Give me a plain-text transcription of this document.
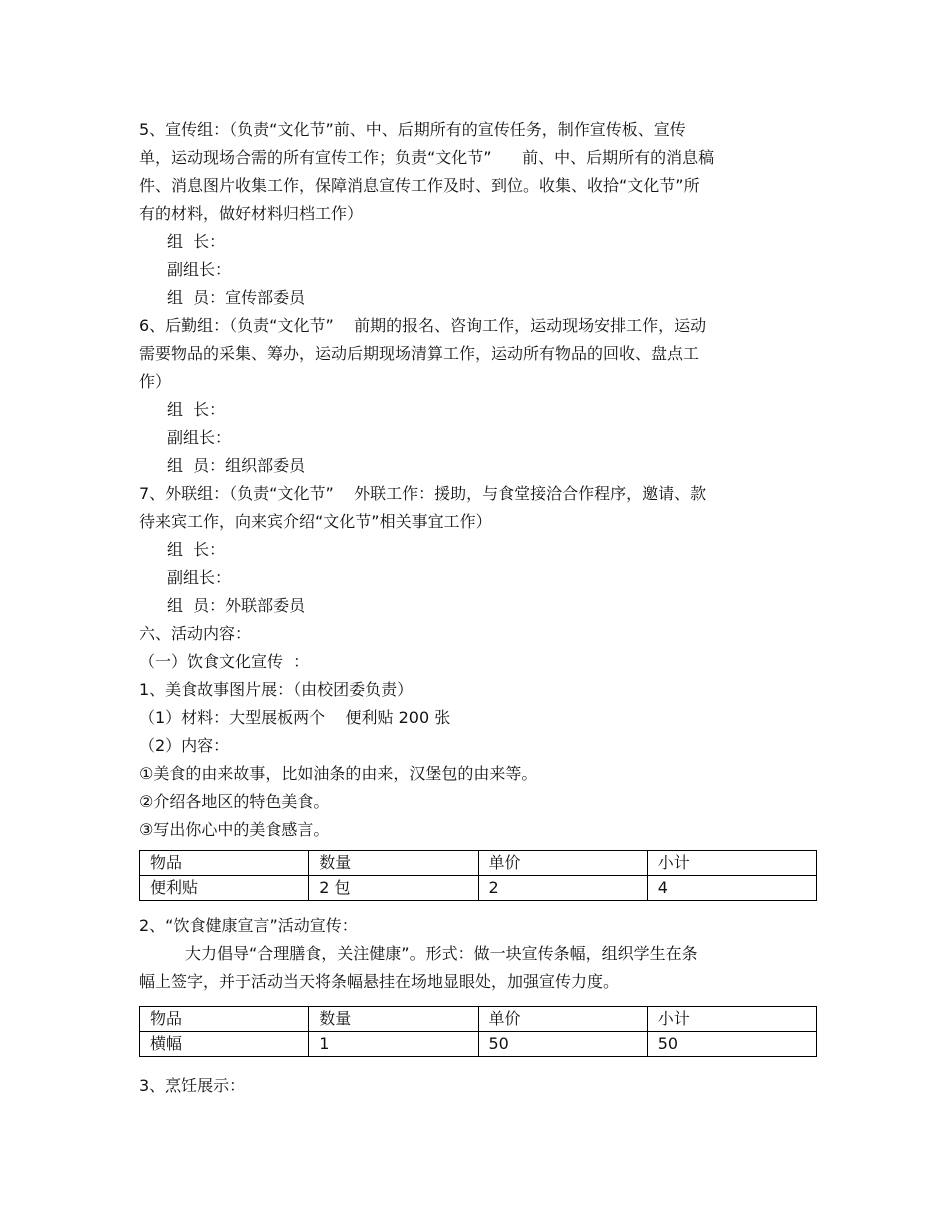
5、宣传组：（负责“文化节”前、中、后期所有的宣传任务，制作宣传板、宣传
单，运动现场合需的所有宣传工作；负责“文化节”      前、中、后期所有的消息稿
件、消息图片收集工作，保障消息宣传工作及时、到位。收集、收拾“文化节”所
有的材料，做好材料归档工作）
组  长：
副组长：
组  员：宣传部委员
6、后勤组：（负责“文化节”    前期的报名、咨询工作，运动现场安排工作，运动
需要物品的采集、筹办，运动后期现场清算工作，运动所有物品的回收、盘点工
作）
组  长：
副组长：
组  员：组织部委员
7、外联组：（负责“文化节”    外联工作：援助，与食堂接洽合作程序，邀请、款
待来宾工作，向来宾介绍“文化节”相关事宜工作）
组  长：
副组长：
组  员：外联部委员
六、活动内容：
（一）饮食文化宣传  ：
1、美食故事图片展：（由校团委负责）
（1）材料：大型展板两个    便利贴 200 张
（2）内容：
①美食的由来故事，比如油条的由来，汉堡包的由来等。
②介绍各地区的特色美食。
③写出你心中的美食感言。
物品	数量	单价	小计
便利贴	2 包	2	4
2、“饮食健康宣言”活动宣传：
大力倡导“合理膳食，关注健康”。形式：做一块宣传条幅，组织学生在条
幅上签字，并于活动当天将条幅悬挂在场地显眼处，加强宣传力度。
物品	数量	单价	小计
横幅	1	50	50
3、烹饪展示：
